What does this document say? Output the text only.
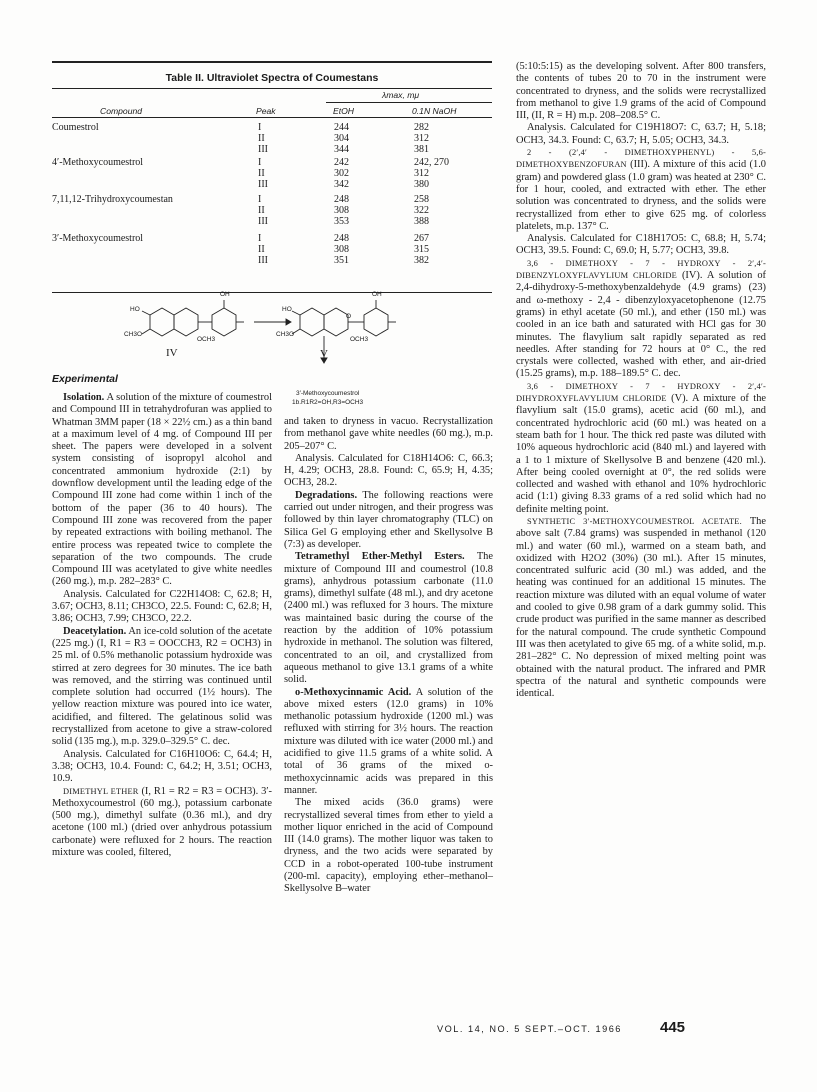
Table II. Ultraviolet Spectra of Coumestans
λmax, mμ
Compound	Peak	EtOH	0.1N NaOH
Coumestrol	I	244	282
II	304	312
III	344	381
4′-Methoxycoumestrol	I	242	242, 270
II	302	312
III	342	380
7,11,12-Trihydroxycoumestan	I	248	258
II	308	322
III	353	388
3′-Methoxycoumestrol	I	248	267
II	308	315
III	351	382
OH
HO
CH3O
OCH3
OH
HO
O
CH3O
OCH3
IV	V
3′-Methoxycoumestrol
1b.R1R2=OH,R3=OCH3
Experimental

Isolation. A solution of the mixture of coumestrol and Compound III in tetrahydrofuran was applied to Whatman 3MM paper (18 × 22½ cm.) as a thin band at a maximum level of 4 mg. of Compound III per sheet. The papers were developed in a solvent system consisting of isopropyl alcohol and concentrated ammonium hydroxide (2:1) by downflow development until the leading edge of the Compound III zone had come within 1 inch of the bottom of the paper (36 to 40 hours). The Compound III zone was recovered from the paper by repeated extractions with boiling methanol. The entire process was repeated twice to complete the separation of the two compounds. The crude Compound III was acetylated to give white needles (260 mg.), m.p. 282–283° C.

Analysis. Calculated for C22H14O8: C, 62.8; H, 3.67; OCH3, 8.11; CH3CO, 22.5. Found: C, 62.8; H, 3.86; OCH3, 7.99; CH3CO, 22.2.

Deacetylation. An ice-cold solution of the acetate (225 mg.) (I, R1 = R3 = OOCCH3, R2 = OCH3) in 25 ml. of 0.5% methanolic potassium hydroxide was stirred at zero degrees for 30 minutes. The ice bath was removed, and the stirring was continued until complete solution had occurred (1½ hours). The yellow reaction mixture was poured into ice water, acidified, and filtered. The gelatinous solid was recrystallized from acetone to give a straw-colored solid (135 mg.), m.p. 329.0–329.5° C. dec.

Analysis. Calculated for C16H10O6: C, 64.4; H, 3.38; OCH3, 10.4. Found: C, 64.2; H, 3.51; OCH3, 10.9.

DIMETHYL ETHER (I, R1 = R2 = R3 = OCH3). 3′-Methoxycoumestrol (60 mg.), potassium carbonate (500 mg.), dimethyl sulfate (0.36 ml.), and dry acetone (100 ml.) (dried over anhydrous potassium carbonate) were refluxed for 2 hours. The reaction mixture was cooled, filtered,

and taken to dryness in vacuo. Recrystallization from methanol gave white needles (60 mg.), m.p. 205–207° C.

Analysis. Calculated for C18H14O6: C, 66.3; H, 4.29; OCH3, 28.8. Found: C, 65.9; H, 4.35; OCH3, 28.2.

Degradations. The following reactions were carried out under nitrogen, and their progress was followed by thin layer chromatography (TLC) on Silica Gel G employing ether and Skellysolve B (7:3) as developer.

Tetramethyl Ether-Methyl Esters. The mixture of Compound III and coumestrol (10.8 grams), anhydrous potassium carbonate (11.0 grams), dimethyl sulfate (48 ml.), and dry acetone (2400 ml.) was refluxed for 3 hours. The mixture was maintained basic during the course of the reaction by the addition of 10% potassium hydroxide in methanol. The solution was filtered, concentrated to an oil, and crystallized from aqueous methanol to give 13.1 grams of a white solid.

o-Methoxycinnamic Acid. A solution of the above mixed esters (12.0 grams) in 10% methanolic potassium hydroxide (1200 ml.) was refluxed with stirring for 3½ hours. The reaction mixture was diluted with ice water (2000 ml.) and acidified to give 11.5 grams of a white solid. A total of 36 grams of the mixed o-methoxycinnamic acids was prepared in this manner.

The mixed acids (36.0 grams) were recrystallized several times from ether to yield a mother liquor enriched in the acid of Compound III (14.0 grams). The mother liquor was taken to dryness, and the two acids were separated by CCD in a robot-operated 100-tube instrument (200-ml. capacity), employing ether–methanol–Skellysolve B–water

(5:10:5:15) as the developing solvent. After 800 transfers, the contents of tubes 20 to 70 in the instrument were concentrated to dryness, and the solids were recrystallized from methanol to give 1.9 grams of the acid of Compound III, (II, R = H) m.p. 208–208.5° C.

Analysis. Calculated for C19H18O7: C, 63.7; H, 5.18; OCH3, 34.3. Found: C, 63.7; H, 5.05; OCH3, 34.3.

2 - (2′,4′ - DIMETHOXYPHENYL) - 5,6-DIMETHOXYBENZOFURAN (III). A mixture of this acid (1.0 gram) and powdered glass (1.0 gram) was heated at 230° C. for 1 hour, cooled, and extracted with ether. The ether solution was concentrated to dryness, and the solids were recrystallized from ether to give 625 mg. of colorless platelets, m.p. 137° C.

Analysis. Calculated for C18H17O5: C, 68.8; H, 5.74; OCH3, 39.5. Found: C, 69.0; H, 5.77; OCH3, 39.8.

3,6 - DIMETHOXY - 7 - HYDROXY - 2′,4′-DIBENZYLOXYFLAVYLIUM CHLORIDE (IV). A solution of 2,4-dihydroxy-5-methoxybenzaldehyde (4.9 grams) (23) and ω-methoxy - 2,4 - dibenzyloxyacetophenone (12.75 grams) in ethyl acetate (50 ml.), and ether (150 ml.) was cooled in an ice bath and saturated with HCl gas for 30 minutes. The flavylium salt rapidly separated as red needles. After standing for 72 hours at 0° C., the red crystals were collected, washed with ether, and air-dried (15.25 grams), m.p. 188–189.5° C. dec.

3,6 - DIMETHOXY - 7 - HYDROXY - 2′,4′-DIHYDROXYFLAVYLIUM CHLORIDE (V). A mixture of the flavylium salt (15.0 grams), acetic acid (60 ml.), and concentrated hydrochloric acid (60 ml.) was heated on a steam bath for 1 hour. The thick red paste was diluted with 10% aqueous hydrochloric acid (840 ml.) and layered with a 1 to 1 mixture of Skellysolve B and benzene (420 ml.). After being cooled overnight at 0°, the red solids were collected and washed with ethanol and 10% hydrochloric acid (1:1) giving 8.33 grams of a red solid which had no definite melting point.

SYNTHETIC 3′-METHOXYCOUMESTROL ACETATE. The above salt (7.84 grams) was suspended in methanol (120 ml.) and water (60 ml.), warmed on a steam bath, and oxidized with H2O2 (30%) (30 ml.). After 15 minutes, concentrated sulfuric acid (30 ml.) was added, and the heating was continued for an additional 15 minutes. The reaction mixture was diluted with an equal volume of water and cooled to give 0.98 gram of a dark gummy solid. This crude product was purified in the same manner as described for the natural compound. The crude synthetic Compound III was then acetylated to give 65 mg. of a white solid, m.p. 281–282° C. No depression of mixed melting point was obtained with the natural product. The infrared and PMR spectra of the natural and synthetic compounds were identical.

VOL. 14, NO. 5 SEPT.–OCT. 1966	445
